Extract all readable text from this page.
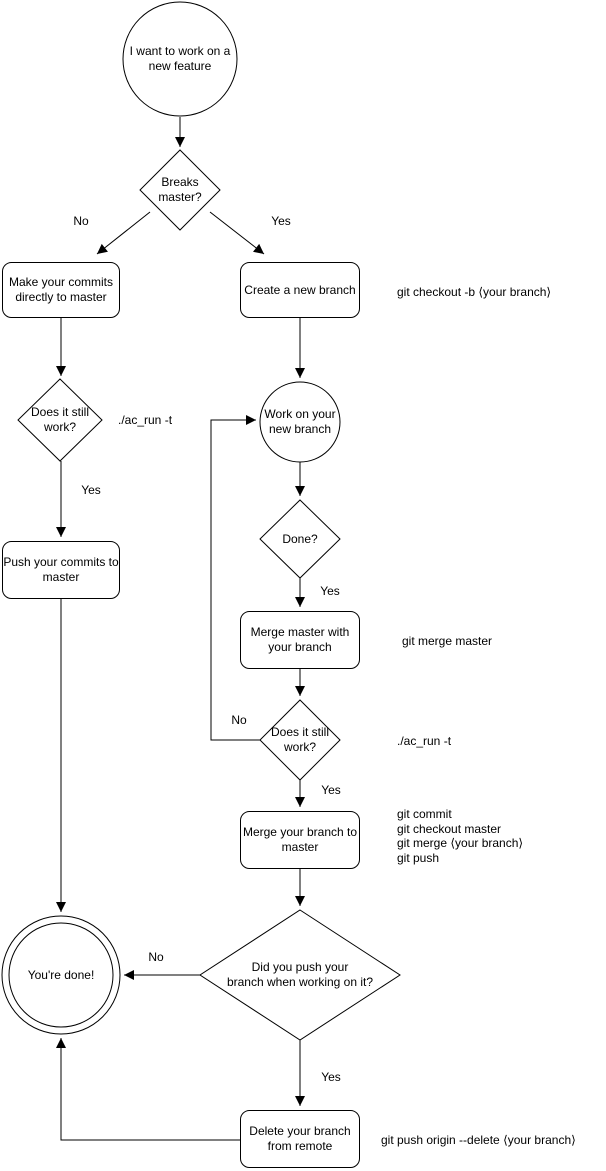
I want to work on a
new feature
Breaks
master?
Make your commits
directly to master
Create a new branch
Does it still
work?
Work on your
new branch
Done?
Push your commits to
master
Merge master with
your branch
Does it still
work?
Merge your branch to
master
Did you push your
branch when working on it?
You're done!
Delete your branch
from remote
No	Yes
Yes
Yes
No
Yes
No
Yes
git checkout -b ⟨your branch⟩
./ac_run -t
git merge master
./ac_run -t
git commit
git checkout master
git merge ⟨your branch⟩
git push
git push origin --delete ⟨your branch⟩
